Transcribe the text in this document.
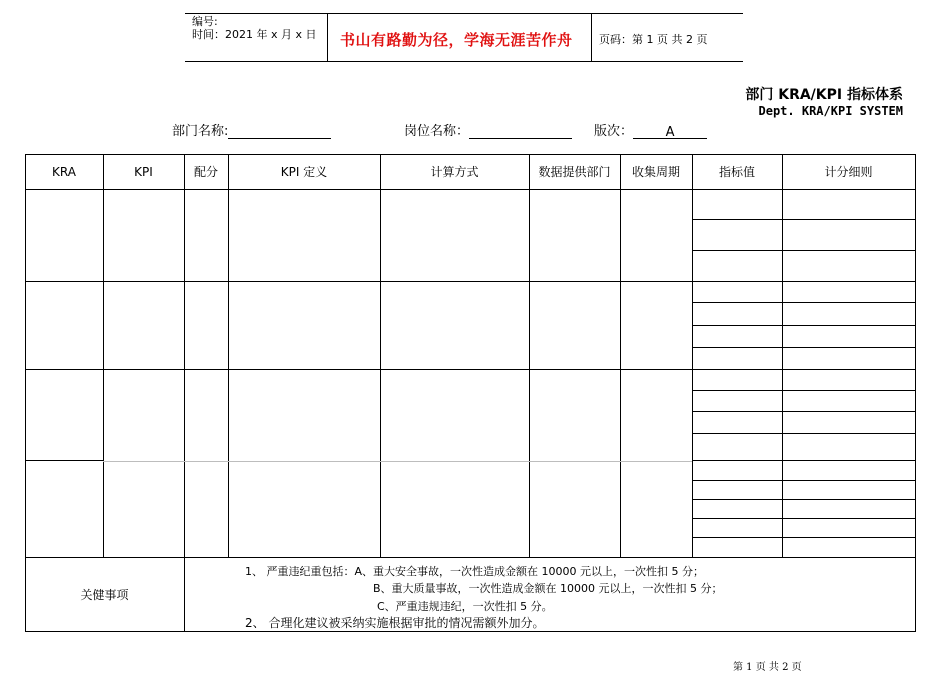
编号:
时间：2021 年 x 月 x 日 书山有路勤为径，学海无涯苦作舟 页码：第 1 页 共 2 页
部门 KRA/KPI 指标体系
Dept. KRA/KPI SYSTEM
部门名称:	岗位名称：	版次：	A
KRA	KPI	配分	KPI 定义	计算方式	数据提供部门	收集周期	指标值	计分细则
关健事项
1、 严重违纪重包括：A、重大安全事故，一次性造成金额在 10000 元以上，一次性扣 5 分；
B、重大质量事故，一次性造成金额在 10000 元以上，一次性扣 5 分；
C、严重违规违纪，一次性扣 5 分。
2、 合理化建议被采纳实施根据审批的情况需额外加分。
第 1 页 共 2 页
